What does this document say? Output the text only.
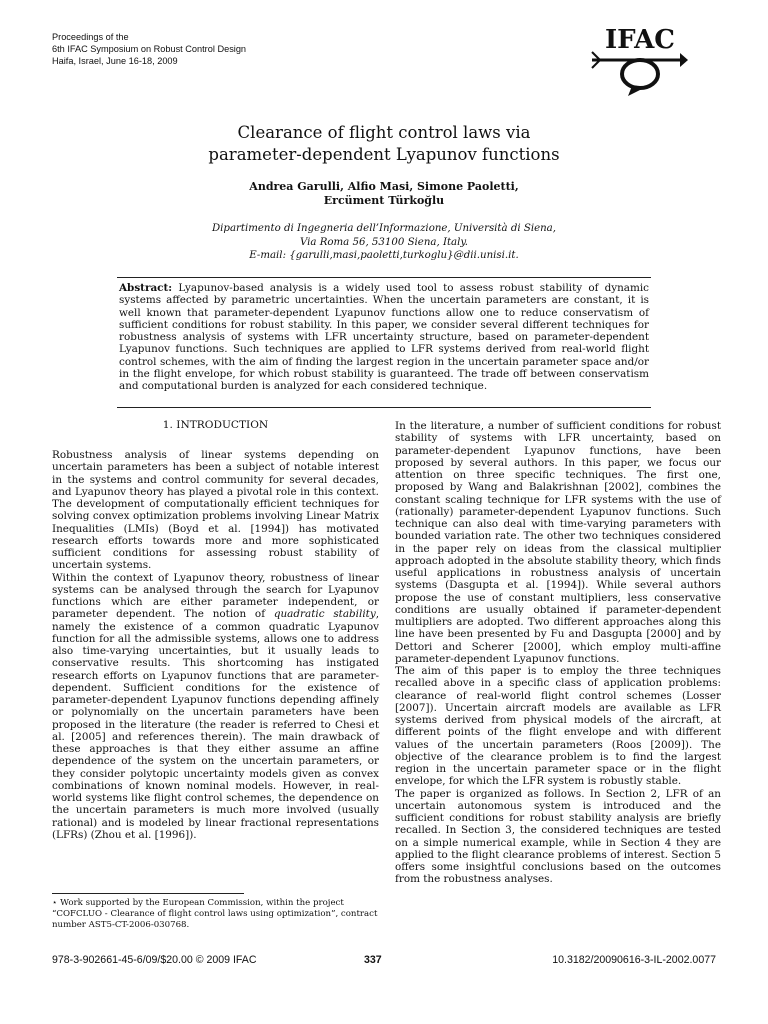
Proceedings of the
6th IFAC Symposium on Robust Control Design
Haifa, Israel, June 16-18, 2009
IFAC
Clearance of flight control laws via
parameter-dependent Lyapunov functions
Andrea Garulli, Alfio Masi, Simone Paoletti,
Ercüment Türkoğlu
Dipartimento di Ingegneria dell’Informazione, Università di Siena,
Via Roma 56, 53100 Siena, Italy.
E-mail: {garulli,masi,paoletti,turkoglu}@dii.unisi.it.
Abstract: Lyapunov-based analysis is a widely used tool to assess robust stability of dynamic systems affected by parametric uncertainties. When the uncertain parameters are constant, it is well known that parameter-dependent Lyapunov functions allow one to reduce conservatism of sufficient conditions for robust stability. In this paper, we consider several different techniques for robustness analysis of systems with LFR uncertainty structure, based on parameter-dependent Lyapunov functions. Such techniques are applied to LFR systems derived from real-world flight control schemes, with the aim of finding the largest region in the uncertain parameter space and/or in the flight envelope, for which robust stability is guaranteed. The trade off between conservatism and computational burden is analyzed for each considered technique.
1. INTRODUCTION

Robustness analysis of linear systems depending on uncertain parameters has been a subject of notable interest in the systems and control community for several decades, and Lyapunov theory has played a pivotal role in this context. The development of computationally efficient techniques for solving convex optimization problems involving Linear Matrix Inequalities (LMIs) (Boyd et al. [1994]) has motivated research efforts towards more and more sophisticated sufficient conditions for assessing robust stability of uncertain systems.

Within the context of Lyapunov theory, robustness of linear systems can be analysed through the search for Lyapunov functions which are either parameter independent, or parameter dependent. The notion of quadratic stability, namely the existence of a common quadratic Lyapunov function for all the admissible systems, allows one to address also time-varying uncertainties, but it usually leads to conservative results. This shortcoming has instigated research efforts on Lyapunov functions that are parameter-dependent. Sufficient conditions for the existence of parameter-dependent Lyapunov functions depending affinely or polynomially on the uncertain parameters have been proposed in the literature (the reader is referred to Chesi et al. [2005] and references therein). The main drawback of these approaches is that they either assume an affine dependence of the system on the uncertain parameters, or they consider polytopic uncertainty models given as convex combinations of known nominal models. However, in real-world systems like flight control schemes, the dependence on the uncertain parameters is much more involved (usually rational) and is modeled by linear fractional representations (LFRs) (Zhou et al. [1996]).

In the literature, a number of sufficient conditions for robust stability of systems with LFR uncertainty, based on parameter-dependent Lyapunov functions, have been proposed by several authors. In this paper, we focus our attention on three specific techniques. The first one, proposed by Wang and Balakrishnan [2002], combines the constant scaling technique for LFR systems with the use of (rationally) parameter-dependent Lyapunov functions. Such technique can also deal with time-varying parameters with bounded variation rate. The other two techniques considered in the paper rely on ideas from the classical multiplier approach adopted in the absolute stability theory, which finds useful applications in robustness analysis of uncertain systems (Dasgupta et al. [1994]). While several authors propose the use of constant multipliers, less conservative conditions are usually obtained if parameter-dependent multipliers are adopted. Two different approaches along this line have been presented by Fu and Dasgupta [2000] and by Dettori and Scherer [2000], which employ multi-affine parameter-dependent Lyapunov functions.

The aim of this paper is to employ the three techniques recalled above in a specific class of application problems: clearance of real-world flight control schemes (Losser [2007]). Uncertain aircraft models are available as LFR systems derived from physical models of the aircraft, at different points of the flight envelope and with different values of the uncertain parameters (Roos [2009]). The objective of the clearance problem is to find the largest region in the uncertain parameter space or in the flight envelope, for which the LFR system is robustly stable.

The paper is organized as follows. In Section 2, LFR of an uncertain autonomous system is introduced and the sufficient conditions for robust stability analysis are briefly recalled. In Section 3, the considered techniques are tested on a simple numerical example, while in Section 4 they are applied to the flight clearance problems of interest. Section 5 offers some insightful conclusions based on the outcomes from the robustness analyses.

⋆ Work supported by the European Commission, within the project “COFCLUO - Clearance of flight control laws using optimization”, contract number AST5-CT-2006-030768.
978-3-902661-45-6/09/$20.00 © 2009 IFAC	337	10.3182/20090616-3-IL-2002.0077
